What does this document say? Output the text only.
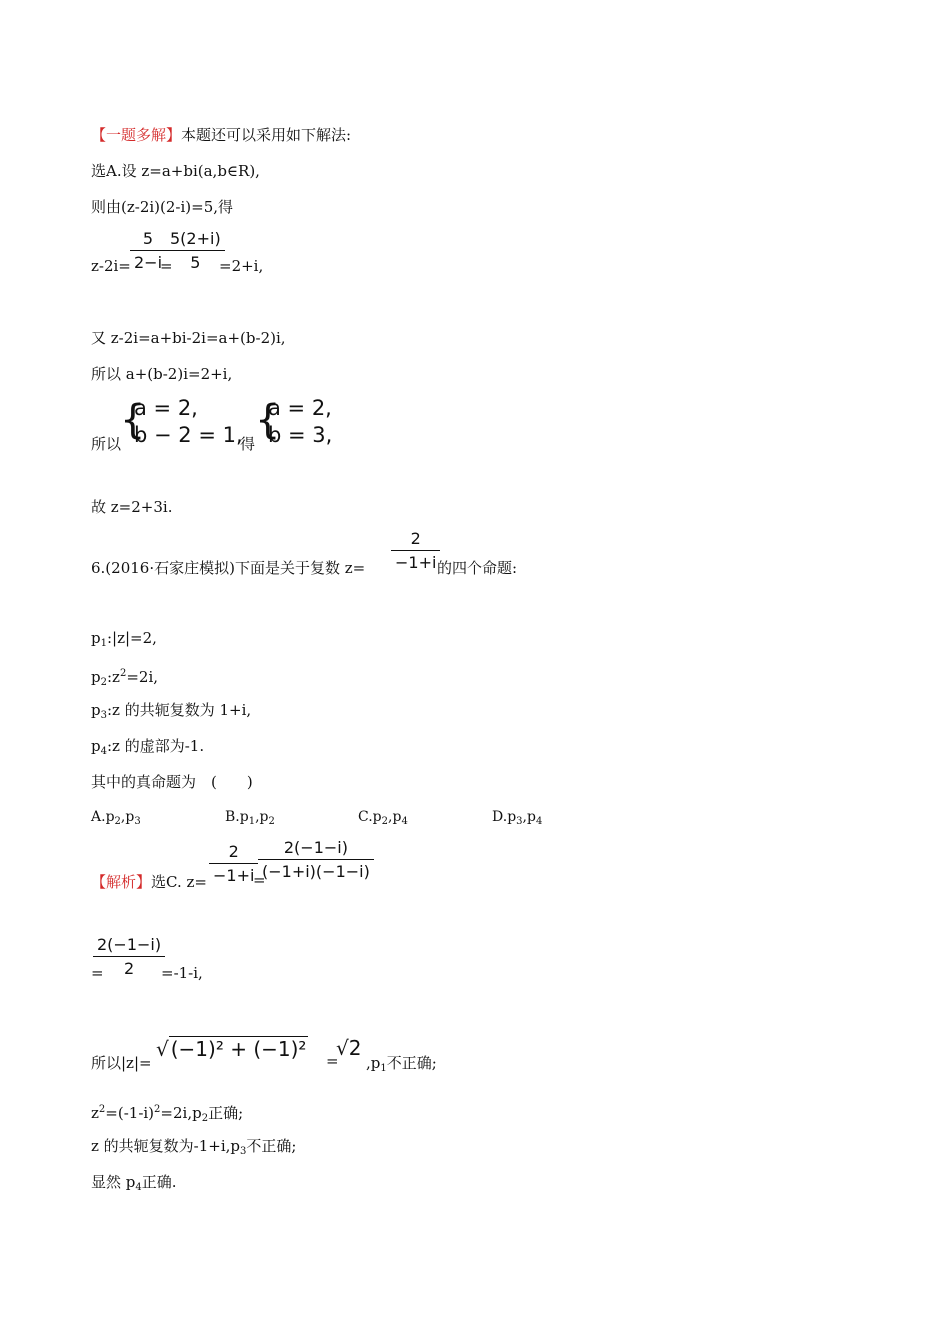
【一题多解】本题还可以采用如下解法:
选A.设 z=a+bi(a,b∈R),
则由(z-2i)(2-i)=5,得
z-2i=
5
2−i
=
5(2+i)
5	=2+i,
又 z-2i=a+bi-2i=a+(b-2)i,
所以 a+(b-2)i=2+i,
所以
{
a = 2,
b − 2 = 1,
得
{
a = 2,
b = 3,
故 z=2+3i.
6.(2016·石家庄模拟)下面是关于复数 z=
2
−1+i 的四个命题:
$p_1:|z|=2$,
$p_2:z^2=2i$,
$p_3:z$ 的共轭复数为 1+i,
$p_4:z$ 的虚部为-1.
其中的真命题为　(　　)
$A.p_2,p_3$	$B.p_1,p_2$	$C.p_2,p_4$	$D.p_3,p_4$
【解析】选C. z=
2
−1+i
=
2(−1−i)
(−1+i)(−1−i)
=
2(−1−i)
2	=-1-i,
所以|z|=
√ (−1)² + (−1)² =
√2
$,p_1$不正确;
$z^2=(-1-i)^2=2i,p_2$正确;
z 的共轭复数为$-1+i,p_3$不正确;
显然 $p_4$正确.
